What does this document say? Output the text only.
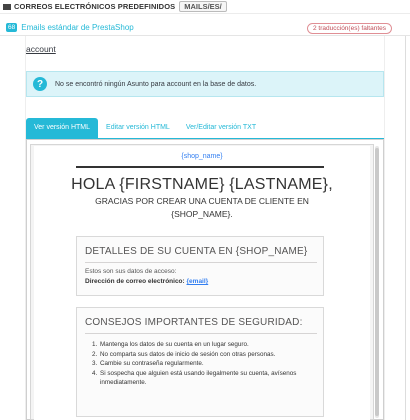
CORREOS ELECTRÓNICOS PREDEFINIDOS	MAILS/ES/
68 Emails estándar de PrestaShop	2 traducción(es) faltantes
account
?	No se encontró ningún Asunto para account en la base de datos.
Ver versión HTML	Editar versión HTML	Ver/Editar versión TXT
{shop_name}
HOLA {FIRSTNAME} {LASTNAME},
GRACIAS POR CREAR UNA CUENTA DE CLIENTE EN {SHOP_NAME}.
DETALLES DE SU CUENTA EN {SHOP_NAME}
Estos son sus datos de acceso:
Dirección de correo electrónico: {email}
CONSEJOS IMPORTANTES DE SEGURIDAD:
1. Mantenga los datos de su cuenta en un lugar seguro.
2. No comparta sus datos de inicio de sesión con otras personas.
3. Cambie su contraseña regularmente.
4. Si sospecha que alguien está usando ilegalmente su cuenta, avísenos inmediatamente.
